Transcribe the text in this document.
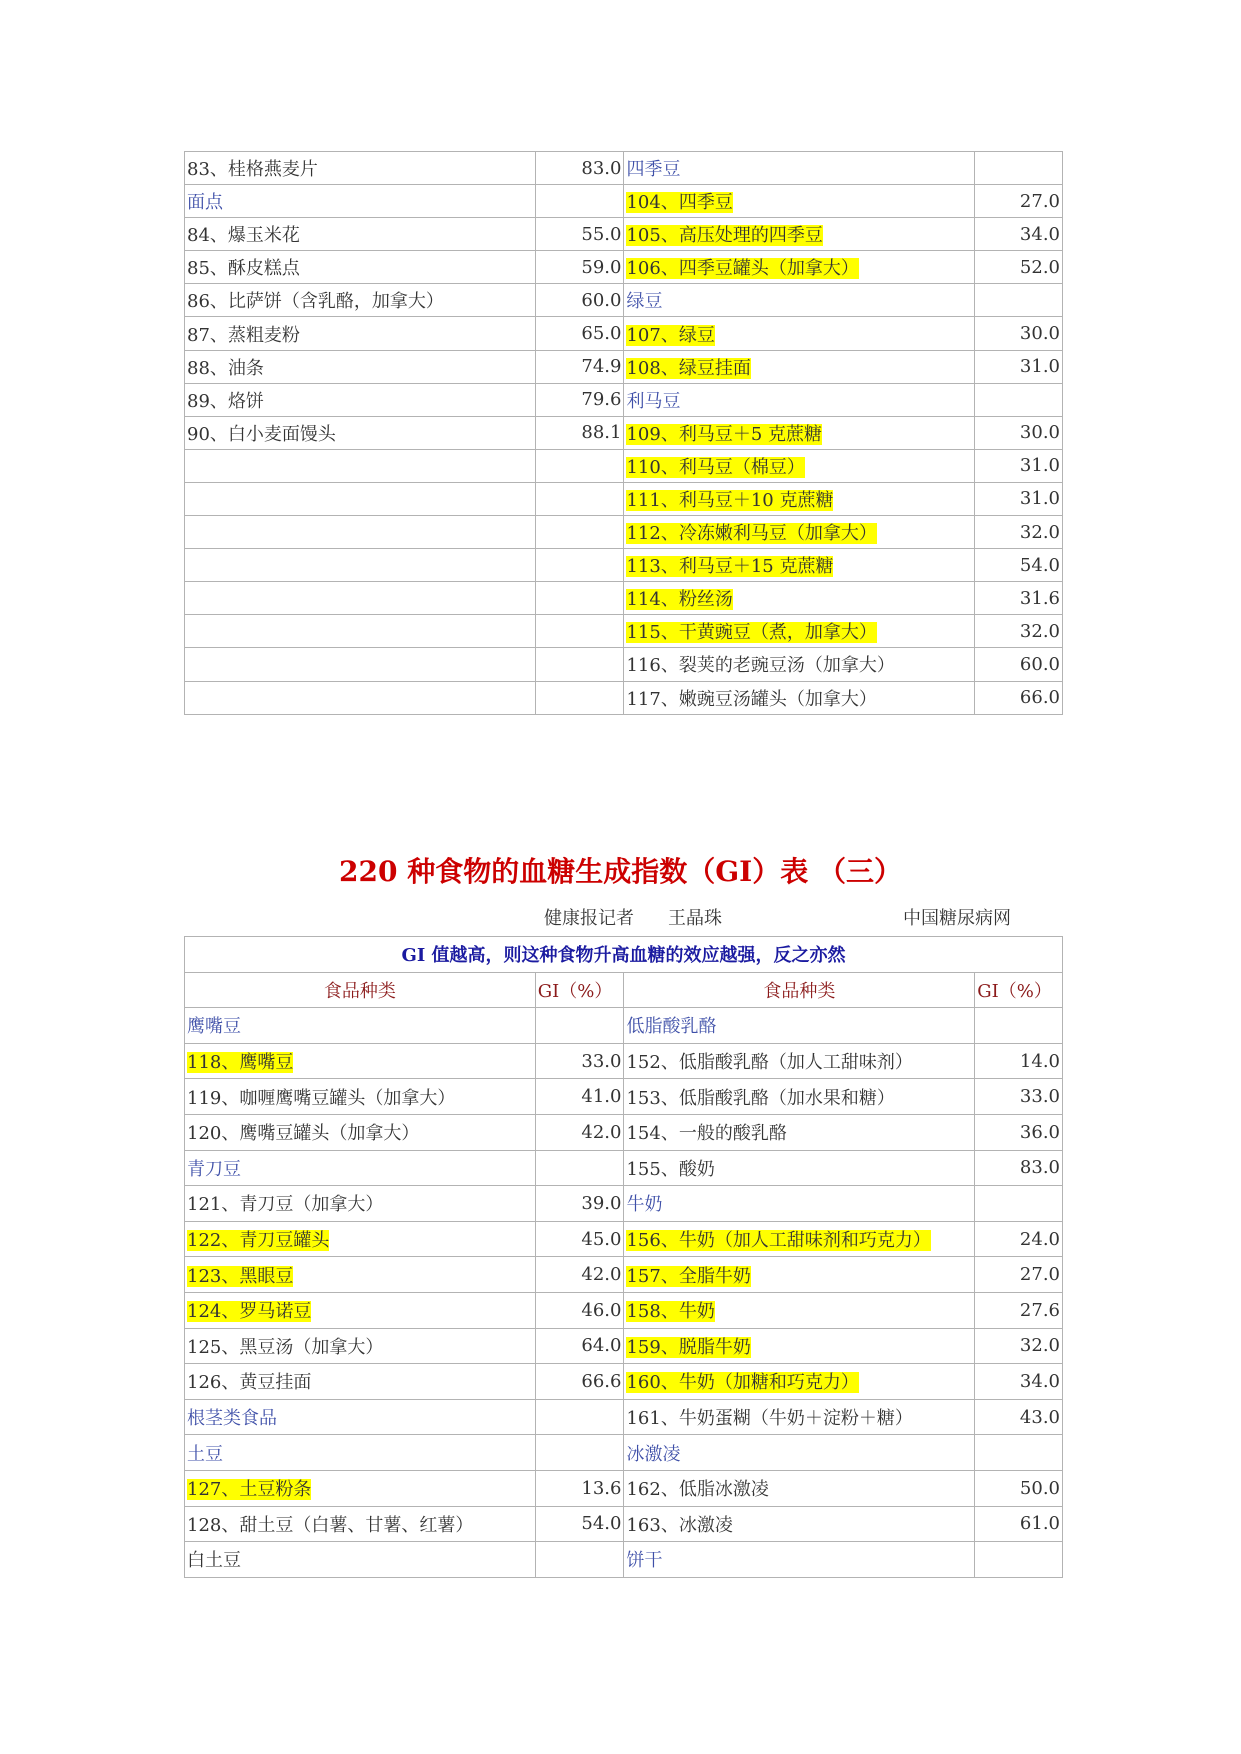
83、桂格燕麦片	83.0	四季豆	
面点		104、四季豆	27.0
84、爆玉米花	55.0	105、高压处理的四季豆	34.0
85、酥皮糕点	59.0	106、四季豆罐头（加拿大）	52.0
86、比萨饼（含乳酪，加拿大）	60.0	绿豆	
87、蒸粗麦粉	65.0	107、绿豆	30.0
88、油条	74.9	108、绿豆挂面	31.0
89、烙饼	79.6	利马豆	
90、白小麦面馒头	88.1	109、利马豆＋5 克蔗糖	30.0
		110、利马豆（棉豆）	31.0
		111、利马豆＋10 克蔗糖	31.0
		112、冷冻嫩利马豆（加拿大）	32.0
		113、利马豆＋15 克蔗糖	54.0
		114、粉丝汤	31.6
		115、干黄豌豆（煮，加拿大）	32.0
		116、裂荚的老豌豆汤（加拿大）	60.0
		117、嫩豌豆汤罐头（加拿大）	66.0
220 种食物的血糖生成指数（GI）表 （三）
健康报记者 王晶珠	中国糖尿病网
GI 值越高，则这种食物升高血糖的效应越强，反之亦然			
食品种类	GI（%）	食品种类	GI（%）
鹰嘴豆		低脂酸乳酪	
118、鹰嘴豆	33.0	152、低脂酸乳酪（加人工甜味剂）	14.0
119、咖喱鹰嘴豆罐头（加拿大）	41.0	153、低脂酸乳酪（加水果和糖）	33.0
120、鹰嘴豆罐头（加拿大）	42.0	154、一般的酸乳酪	36.0
青刀豆		155、酸奶	83.0
121、青刀豆（加拿大）	39.0	牛奶	
122、青刀豆罐头	45.0	156、牛奶（加人工甜味剂和巧克力）	24.0
123、黑眼豆	42.0	157、全脂牛奶	27.0
124、罗马诺豆	46.0	158、牛奶	27.6
125、黑豆汤（加拿大）	64.0	159、脱脂牛奶	32.0
126、黄豆挂面	66.6	160、牛奶（加糖和巧克力）	34.0
根茎类食品		161、牛奶蛋糊（牛奶＋淀粉＋糖）	43.0
土豆		冰激凌	
127、土豆粉条	13.6	162、低脂冰激凌	50.0
128、甜土豆（白薯、甘薯、红薯）	54.0	163、冰激凌	61.0
白土豆		饼干	
